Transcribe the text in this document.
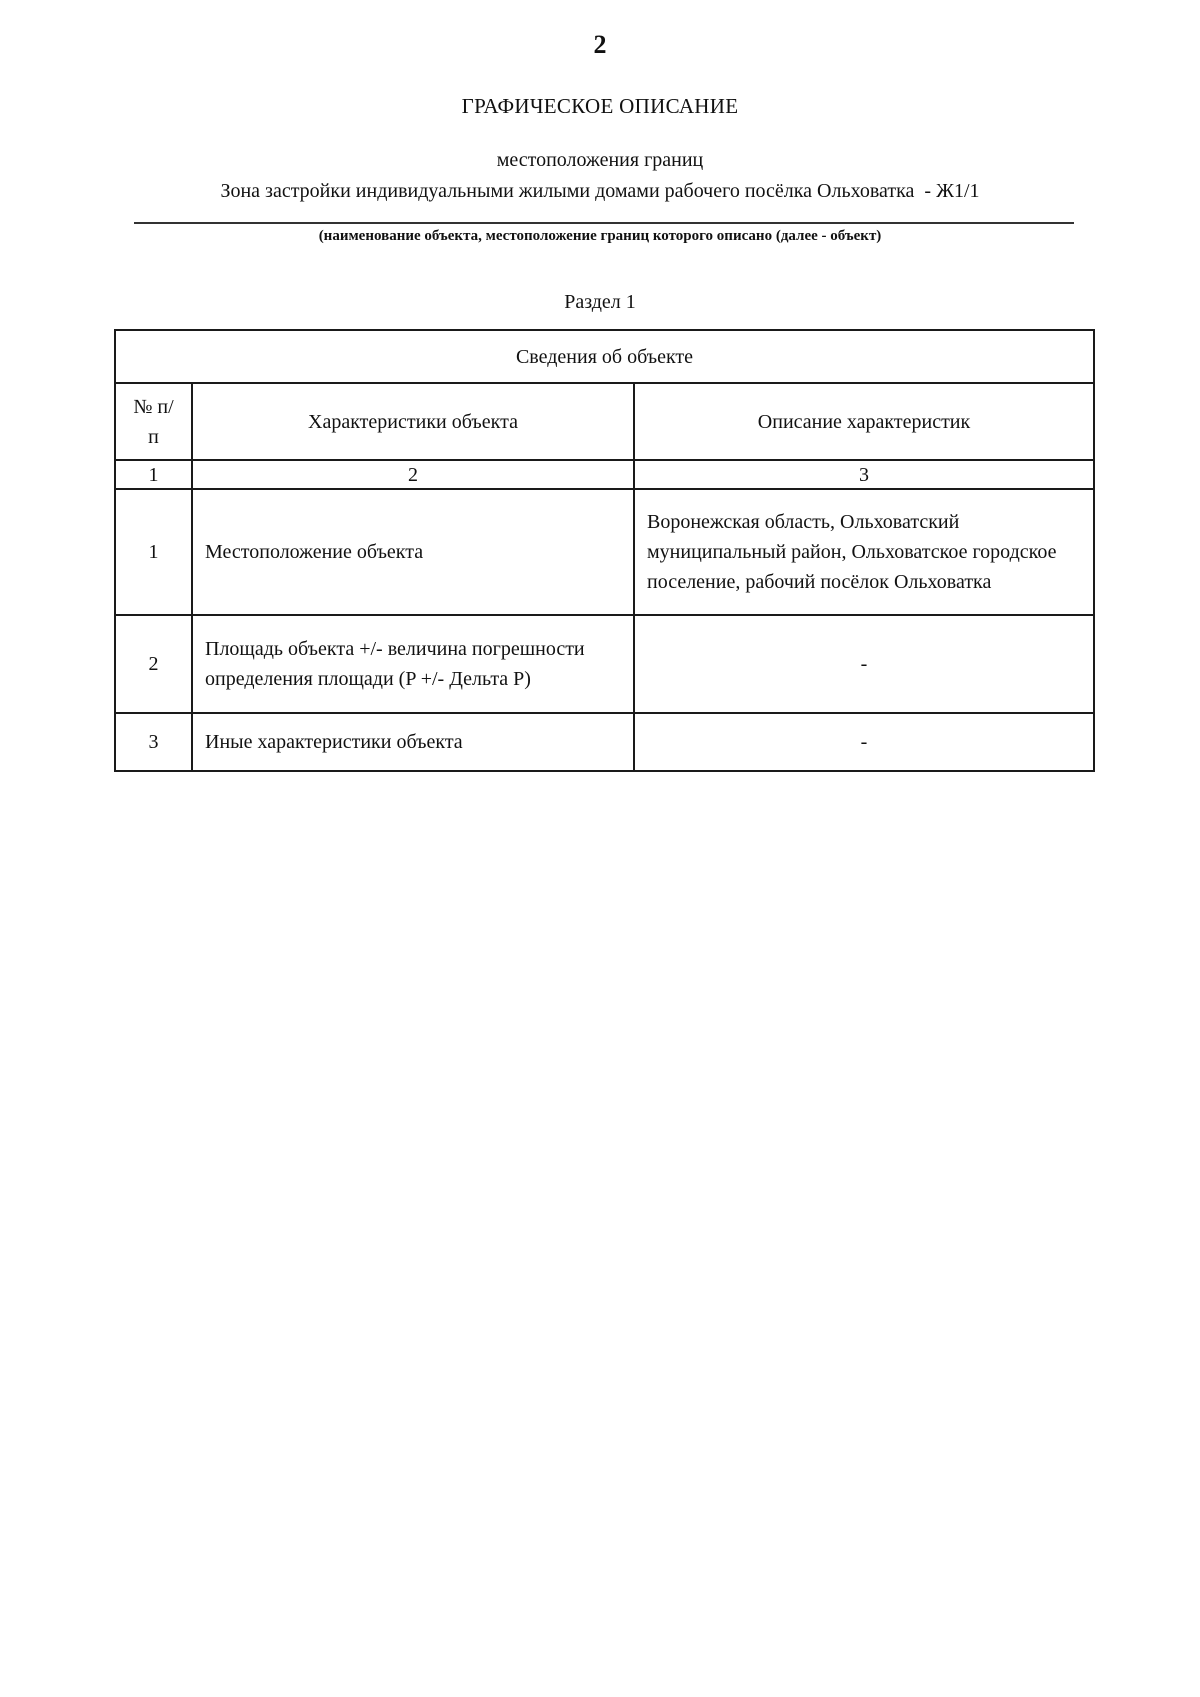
2
ГРАФИЧЕСКОЕ ОПИСАНИЕ
местоположения границ
Зона застройки индивидуальными жилыми домами рабочего посёлка Ольховатка  - Ж1/1
(наименование объекта, местоположение границ которого описано (далее - объект)
Раздел 1
Сведения об объекте		
№ п/п	Характеристики объекта	Описание характеристик
1	2	3
1	Местоположение объекта	Воронежская область, Ольховатский муниципальный район, Ольховатское городское поселение, рабочий посёлок Ольховатка
2	Площадь объекта +/- величина погрешности определения площади (P +/- Дельта P)	-
3	Иные характеристики объекта	-
